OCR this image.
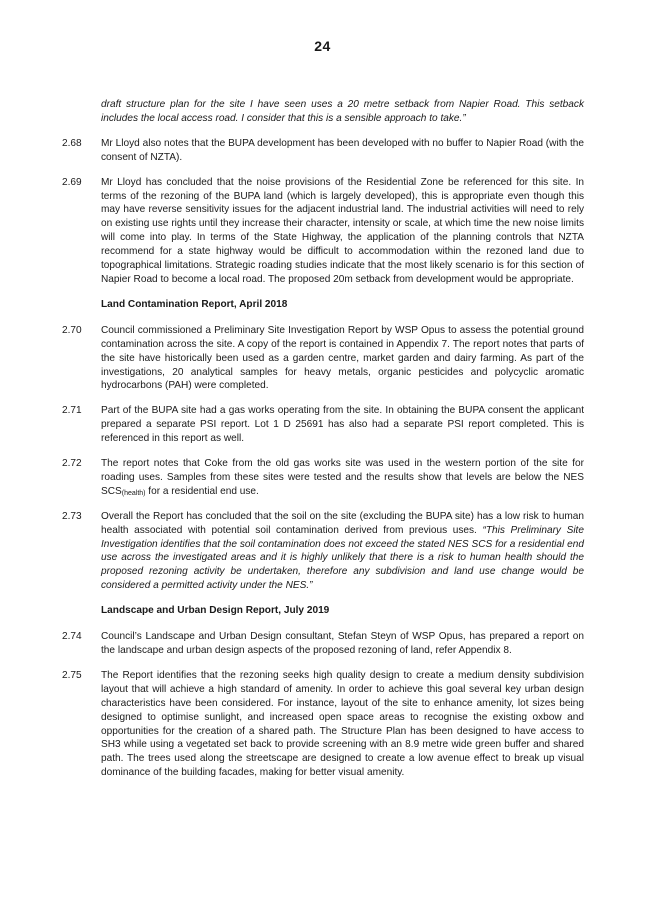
24
draft structure plan for the site I have seen uses a 20 metre setback from Napier Road. This setback includes the local access road. I consider that this is a sensible approach to take.”
2.68	Mr Lloyd also notes that the BUPA development has been developed with no buffer to Napier Road (with the consent of NZTA).
2.69	Mr Lloyd has concluded that the noise provisions of the Residential Zone be referenced for this site. In terms of the rezoning of the BUPA land (which is largely developed), this is appropriate even though this may have reverse sensitivity issues for the adjacent industrial land. The industrial activities will need to rely on existing use rights until they increase their character, intensity or scale, at which time the new noise limits will come into play. In terms of the State Highway, the application of the planning controls that NZTA recommend for a state highway would be difficult to accommodation within the rezoned land due to topographical limitations. Strategic roading studies indicate that the most likely scenario is for this section of Napier Road to become a local road. The proposed 20m setback from development would be appropriate.
Land Contamination Report, April 2018
2.70	Council commissioned a Preliminary Site Investigation Report by WSP Opus to assess the potential ground contamination across the site. A copy of the report is contained in Appendix 7. The report notes that parts of the site have historically been used as a garden centre, market garden and dairy farming. As part of the investigations, 20 analytical samples for heavy metals, organic pesticides and polycyclic aromatic hydrocarbons (PAH) were completed.
2.71	Part of the BUPA site had a gas works operating from the site. In obtaining the BUPA consent the applicant prepared a separate PSI report. Lot 1 D 25691 has also had a separate PSI report completed. This is referenced in this report as well.
2.72	The report notes that Coke from the old gas works site was used in the western portion of the site for roading uses. Samples from these sites were tested and the results show that levels are below the NES $SCS_{(health)}$ for a residential end use.
2.73	Overall the Report has concluded that the soil on the site (excluding the BUPA site) has a low risk to human health associated with potential soil contamination derived from previous uses. “This Preliminary Site Investigation identifies that the soil contamination does not exceed the stated NES SCS for a residential end use across the investigated areas and it is highly unlikely that there is a risk to human health should the proposed rezoning activity be undertaken, therefore any subdivision and land use change would be considered a permitted activity under the NES.”
Landscape and Urban Design Report, July 2019
2.74	Council’s Landscape and Urban Design consultant, Stefan Steyn of WSP Opus, has prepared a report on the landscape and urban design aspects of the proposed rezoning of land, refer Appendix 8.
2.75	The Report identifies that the rezoning seeks high quality design to create a medium density subdivision layout that will achieve a high standard of amenity. In order to achieve this goal several key urban design characteristics have been considered. For instance, layout of the site to enhance amenity, lot sizes being designed to optimise sunlight, and increased open space areas to recognise the existing oxbow and opportunities for the creation of a shared path. The Structure Plan has been designed to have access to SH3 while using a vegetated set back to provide screening with an 8.9 metre wide green buffer and shared path. The trees used along the streetscape are designed to create a low avenue effect to break up visual dominance of the building facades, making for better visual amenity.
